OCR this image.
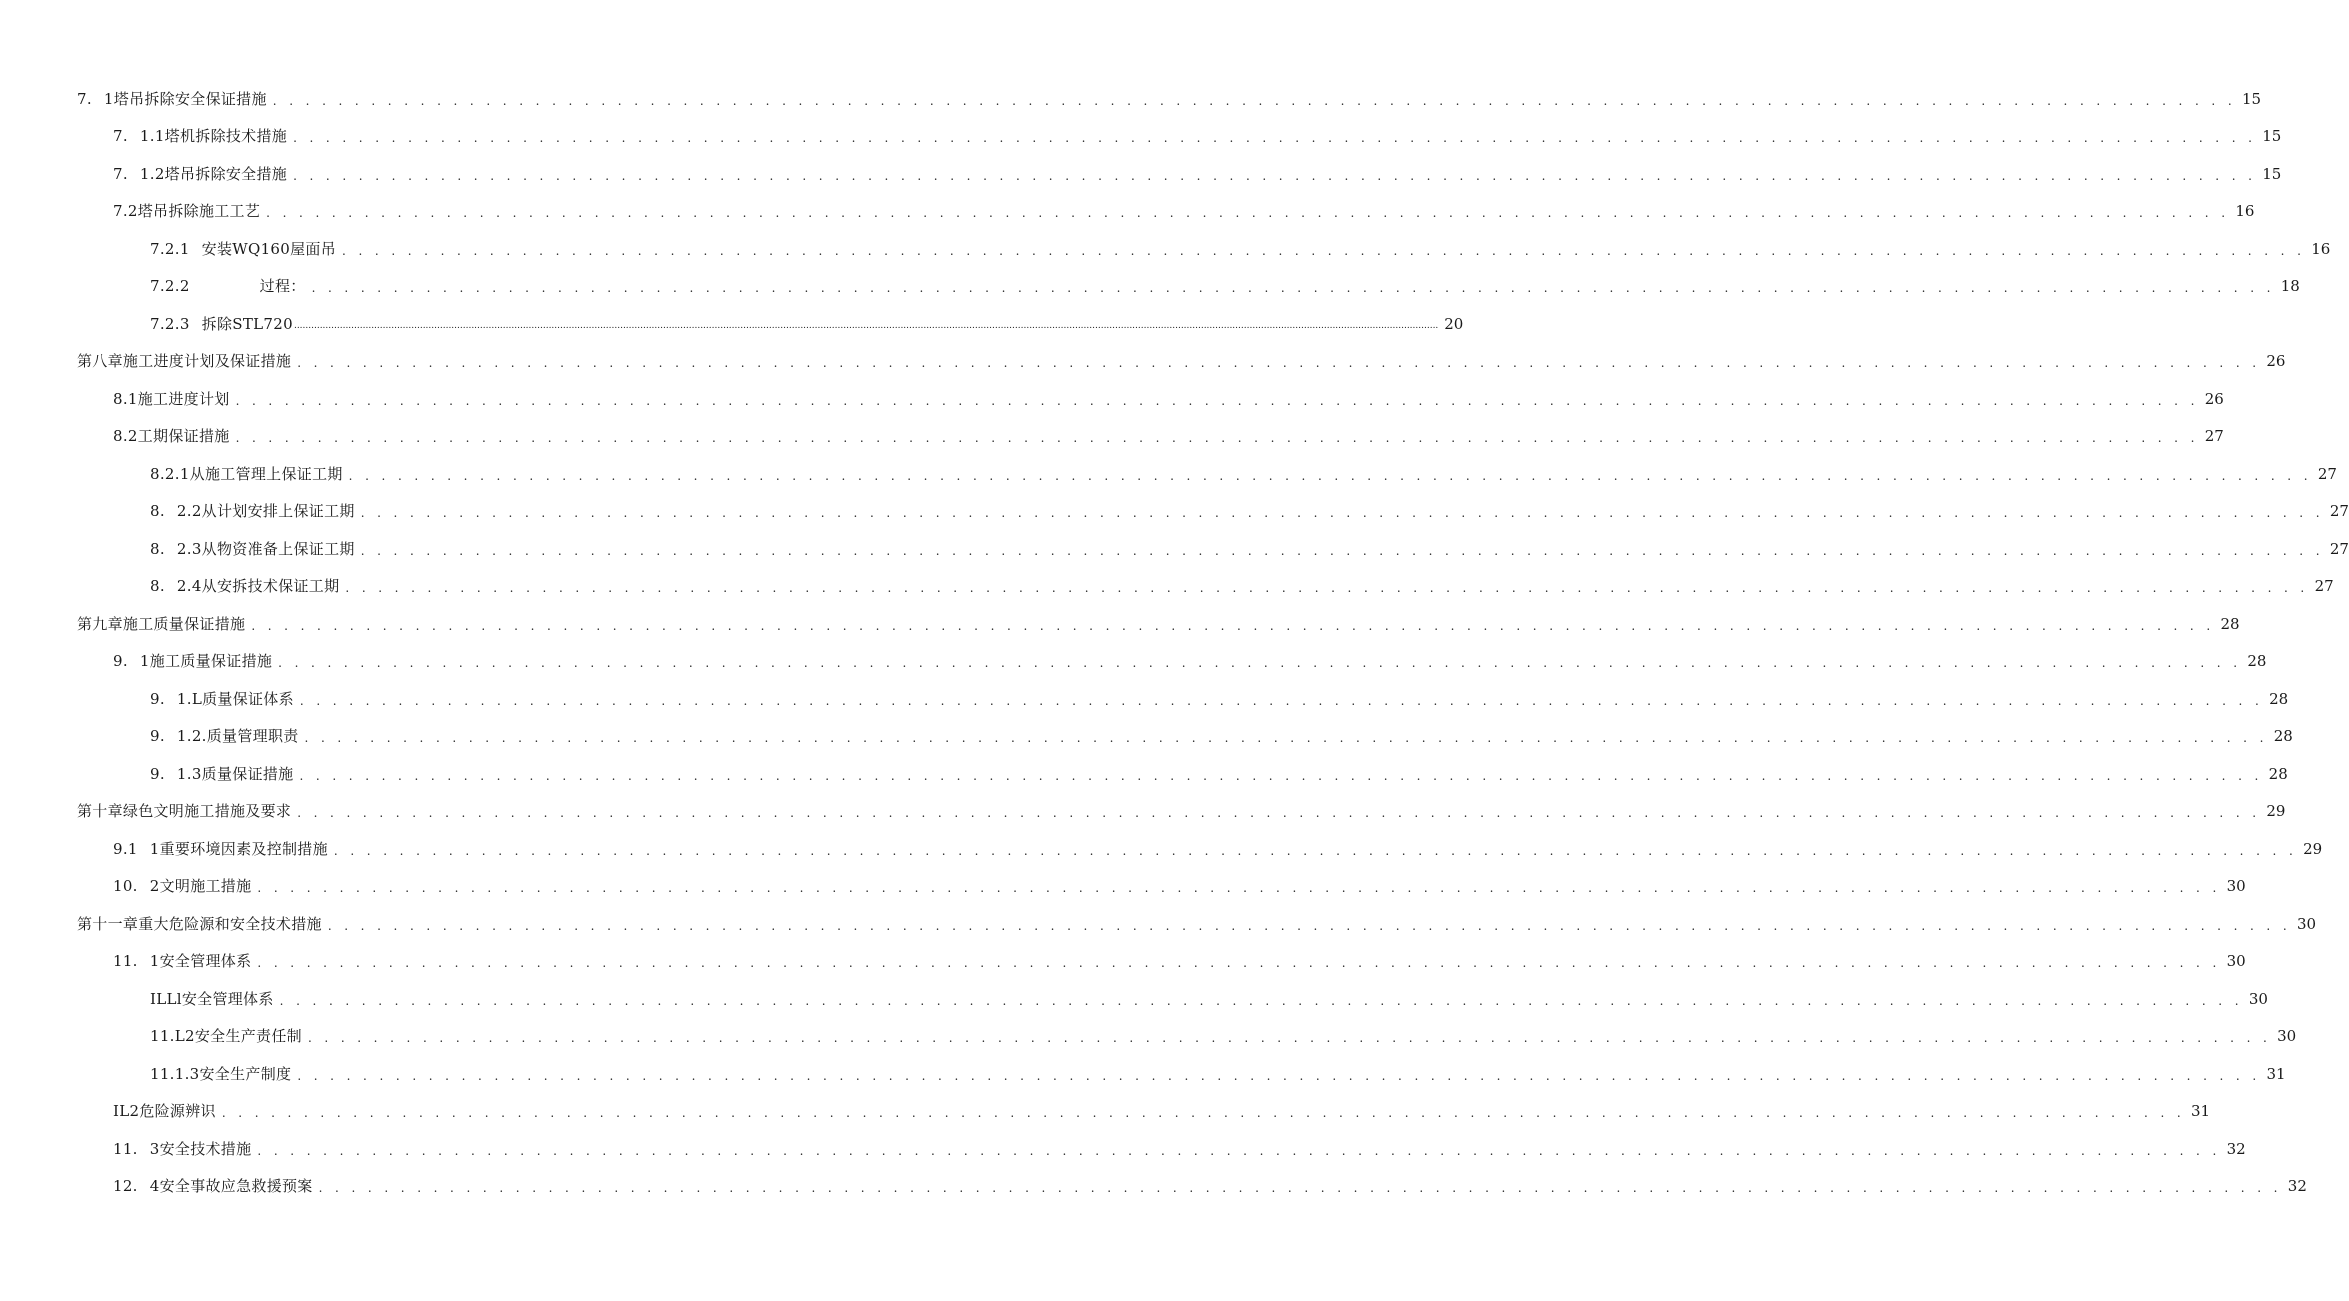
7. 1塔吊拆除安全保证措施 . . . . . . . . . . . . . . . . . . . . . . . . . . . . . . . . . . . . . . . . . . . . . . . . . . . . . . . . . . . . . . . . . . . . . . . . . . . . . . . . . . . . . . . . . . . . . . . . . . . . . . . . . . . . . . . . . . . . . . . . 15
7. 1.1塔机拆除技术措施 . . . . . . . . . . . . . . . . . . . . . . . . . . . . . . . . . . . . . . . . . . . . . . . . . . . . . . . . . . . . . . . . . . . . . . . . . . . . . . . . . . . . . . . . . . . . . . . . . . . . . . . . . . . . . . . . . . . . . . . . 15
7. 1.2塔吊拆除安全措施 . . . . . . . . . . . . . . . . . . . . . . . . . . . . . . . . . . . . . . . . . . . . . . . . . . . . . . . . . . . . . . . . . . . . . . . . . . . . . . . . . . . . . . . . . . . . . . . . . . . . . . . . . . . . . . . . . . . . . . . . 15
7.2塔吊拆除施工工艺 . . . . . . . . . . . . . . . . . . . . . . . . . . . . . . . . . . . . . . . . . . . . . . . . . . . . . . . . . . . . . . . . . . . . . . . . . . . . . . . . . . . . . . . . . . . . . . . . . . . . . . . . . . . . . . . . . . . . . . . . 16
7.2.1 安装WQ160屋面吊 . . . . . . . . . . . . . . . . . . . . . . . . . . . . . . . . . . . . . . . . . . . . . . . . . . . . . . . . . . . . . . . . . . . . . . . . . . . . . . . . . . . . . . . . . . . . . . . . . . . . . . . . . . . . . . . . . . . . . . . . 16
7.2.2	过程： . . . . . . . . . . . . . . . . . . . . . . . . . . . . . . . . . . . . . . . . . . . . . . . . . . . . . . . . . . . . . . . . . . . . . . . . . . . . . . . . . . . . . . . . . . . . . . . . . . . . . . . . . . . . . . . . . . . . . . . . 18
7.2.3 拆除STL720 ................................................................................................................................................................................................................................................................................................................................................................................................................ 20
第八章施工进度计划及保证措施 . . . . . . . . . . . . . . . . . . . . . . . . . . . . . . . . . . . . . . . . . . . . . . . . . . . . . . . . . . . . . . . . . . . . . . . . . . . . . . . . . . . . . . . . . . . . . . . . . . . . . . . . . . . . . . . . . . . . . . . . 26
8.1施工进度计划 . . . . . . . . . . . . . . . . . . . . . . . . . . . . . . . . . . . . . . . . . . . . . . . . . . . . . . . . . . . . . . . . . . . . . . . . . . . . . . . . . . . . . . . . . . . . . . . . . . . . . . . . . . . . . . . . . . . . . . . . 26
8.2工期保证措施 . . . . . . . . . . . . . . . . . . . . . . . . . . . . . . . . . . . . . . . . . . . . . . . . . . . . . . . . . . . . . . . . . . . . . . . . . . . . . . . . . . . . . . . . . . . . . . . . . . . . . . . . . . . . . . . . . . . . . . . . 27
8.2.1从施工管理上保证工期 . . . . . . . . . . . . . . . . . . . . . . . . . . . . . . . . . . . . . . . . . . . . . . . . . . . . . . . . . . . . . . . . . . . . . . . . . . . . . . . . . . . . . . . . . . . . . . . . . . . . . . . . . . . . . . . . . . . . . . . . 27
8. 2.2从计划安排上保证工期 . . . . . . . . . . . . . . . . . . . . . . . . . . . . . . . . . . . . . . . . . . . . . . . . . . . . . . . . . . . . . . . . . . . . . . . . . . . . . . . . . . . . . . . . . . . . . . . . . . . . . . . . . . . . . . . . . . . . . . . . 27
8. 2.3从物资准备上保证工期 . . . . . . . . . . . . . . . . . . . . . . . . . . . . . . . . . . . . . . . . . . . . . . . . . . . . . . . . . . . . . . . . . . . . . . . . . . . . . . . . . . . . . . . . . . . . . . . . . . . . . . . . . . . . . . . . . . . . . . . . 27
8. 2.4从安拆技术保证工期 . . . . . . . . . . . . . . . . . . . . . . . . . . . . . . . . . . . . . . . . . . . . . . . . . . . . . . . . . . . . . . . . . . . . . . . . . . . . . . . . . . . . . . . . . . . . . . . . . . . . . . . . . . . . . . . . . . . . . . . . 27
第九章施工质量保证措施 . . . . . . . . . . . . . . . . . . . . . . . . . . . . . . . . . . . . . . . . . . . . . . . . . . . . . . . . . . . . . . . . . . . . . . . . . . . . . . . . . . . . . . . . . . . . . . . . . . . . . . . . . . . . . . . . . . . . . . . . 28
9. 1施工质量保证措施 . . . . . . . . . . . . . . . . . . . . . . . . . . . . . . . . . . . . . . . . . . . . . . . . . . . . . . . . . . . . . . . . . . . . . . . . . . . . . . . . . . . . . . . . . . . . . . . . . . . . . . . . . . . . . . . . . . . . . . . . 28
9. 1.L质量保证体系 . . . . . . . . . . . . . . . . . . . . . . . . . . . . . . . . . . . . . . . . . . . . . . . . . . . . . . . . . . . . . . . . . . . . . . . . . . . . . . . . . . . . . . . . . . . . . . . . . . . . . . . . . . . . . . . . . . . . . . . . 28
9. 1.2.质量管理职责 . . . . . . . . . . . . . . . . . . . . . . . . . . . . . . . . . . . . . . . . . . . . . . . . . . . . . . . . . . . . . . . . . . . . . . . . . . . . . . . . . . . . . . . . . . . . . . . . . . . . . . . . . . . . . . . . . . . . . . . . 28
9. 1.3质量保证措施 . . . . . . . . . . . . . . . . . . . . . . . . . . . . . . . . . . . . . . . . . . . . . . . . . . . . . . . . . . . . . . . . . . . . . . . . . . . . . . . . . . . . . . . . . . . . . . . . . . . . . . . . . . . . . . . . . . . . . . . . 28
第十章绿色文明施工措施及要求 . . . . . . . . . . . . . . . . . . . . . . . . . . . . . . . . . . . . . . . . . . . . . . . . . . . . . . . . . . . . . . . . . . . . . . . . . . . . . . . . . . . . . . . . . . . . . . . . . . . . . . . . . . . . . . . . . . . . . . . . 29
9.1 1重要环境因素及控制措施 . . . . . . . . . . . . . . . . . . . . . . . . . . . . . . . . . . . . . . . . . . . . . . . . . . . . . . . . . . . . . . . . . . . . . . . . . . . . . . . . . . . . . . . . . . . . . . . . . . . . . . . . . . . . . . . . . . . . . . . . 29
10. 2文明施工措施 . . . . . . . . . . . . . . . . . . . . . . . . . . . . . . . . . . . . . . . . . . . . . . . . . . . . . . . . . . . . . . . . . . . . . . . . . . . . . . . . . . . . . . . . . . . . . . . . . . . . . . . . . . . . . . . . . . . . . . . . 30
第十一章重大危险源和安全技术措施 . . . . . . . . . . . . . . . . . . . . . . . . . . . . . . . . . . . . . . . . . . . . . . . . . . . . . . . . . . . . . . . . . . . . . . . . . . . . . . . . . . . . . . . . . . . . . . . . . . . . . . . . . . . . . . . . . . . . . . . . 30
11. 1安全管理体系 . . . . . . . . . . . . . . . . . . . . . . . . . . . . . . . . . . . . . . . . . . . . . . . . . . . . . . . . . . . . . . . . . . . . . . . . . . . . . . . . . . . . . . . . . . . . . . . . . . . . . . . . . . . . . . . . . . . . . . . . 30
ILLl安全管理体系 . . . . . . . . . . . . . . . . . . . . . . . . . . . . . . . . . . . . . . . . . . . . . . . . . . . . . . . . . . . . . . . . . . . . . . . . . . . . . . . . . . . . . . . . . . . . . . . . . . . . . . . . . . . . . . . . . . . . . . . . 30
11.L2安全生产责任制 . . . . . . . . . . . . . . . . . . . . . . . . . . . . . . . . . . . . . . . . . . . . . . . . . . . . . . . . . . . . . . . . . . . . . . . . . . . . . . . . . . . . . . . . . . . . . . . . . . . . . . . . . . . . . . . . . . . . . . . . 30
11.1.3安全生产制度 . . . . . . . . . . . . . . . . . . . . . . . . . . . . . . . . . . . . . . . . . . . . . . . . . . . . . . . . . . . . . . . . . . . . . . . . . . . . . . . . . . . . . . . . . . . . . . . . . . . . . . . . . . . . . . . . . . . . . . . . 31
IL2危险源辨识 . . . . . . . . . . . . . . . . . . . . . . . . . . . . . . . . . . . . . . . . . . . . . . . . . . . . . . . . . . . . . . . . . . . . . . . . . . . . . . . . . . . . . . . . . . . . . . . . . . . . . . . . . . . . . . . . . . . . . . . . 31
11. 3安全技术措施 . . . . . . . . . . . . . . . . . . . . . . . . . . . . . . . . . . . . . . . . . . . . . . . . . . . . . . . . . . . . . . . . . . . . . . . . . . . . . . . . . . . . . . . . . . . . . . . . . . . . . . . . . . . . . . . . . . . . . . . . 32
12. 4安全事故应急救援预案 . . . . . . . . . . . . . . . . . . . . . . . . . . . . . . . . . . . . . . . . . . . . . . . . . . . . . . . . . . . . . . . . . . . . . . . . . . . . . . . . . . . . . . . . . . . . . . . . . . . . . . . . . . . . . . . . . . . . . . . . 32
